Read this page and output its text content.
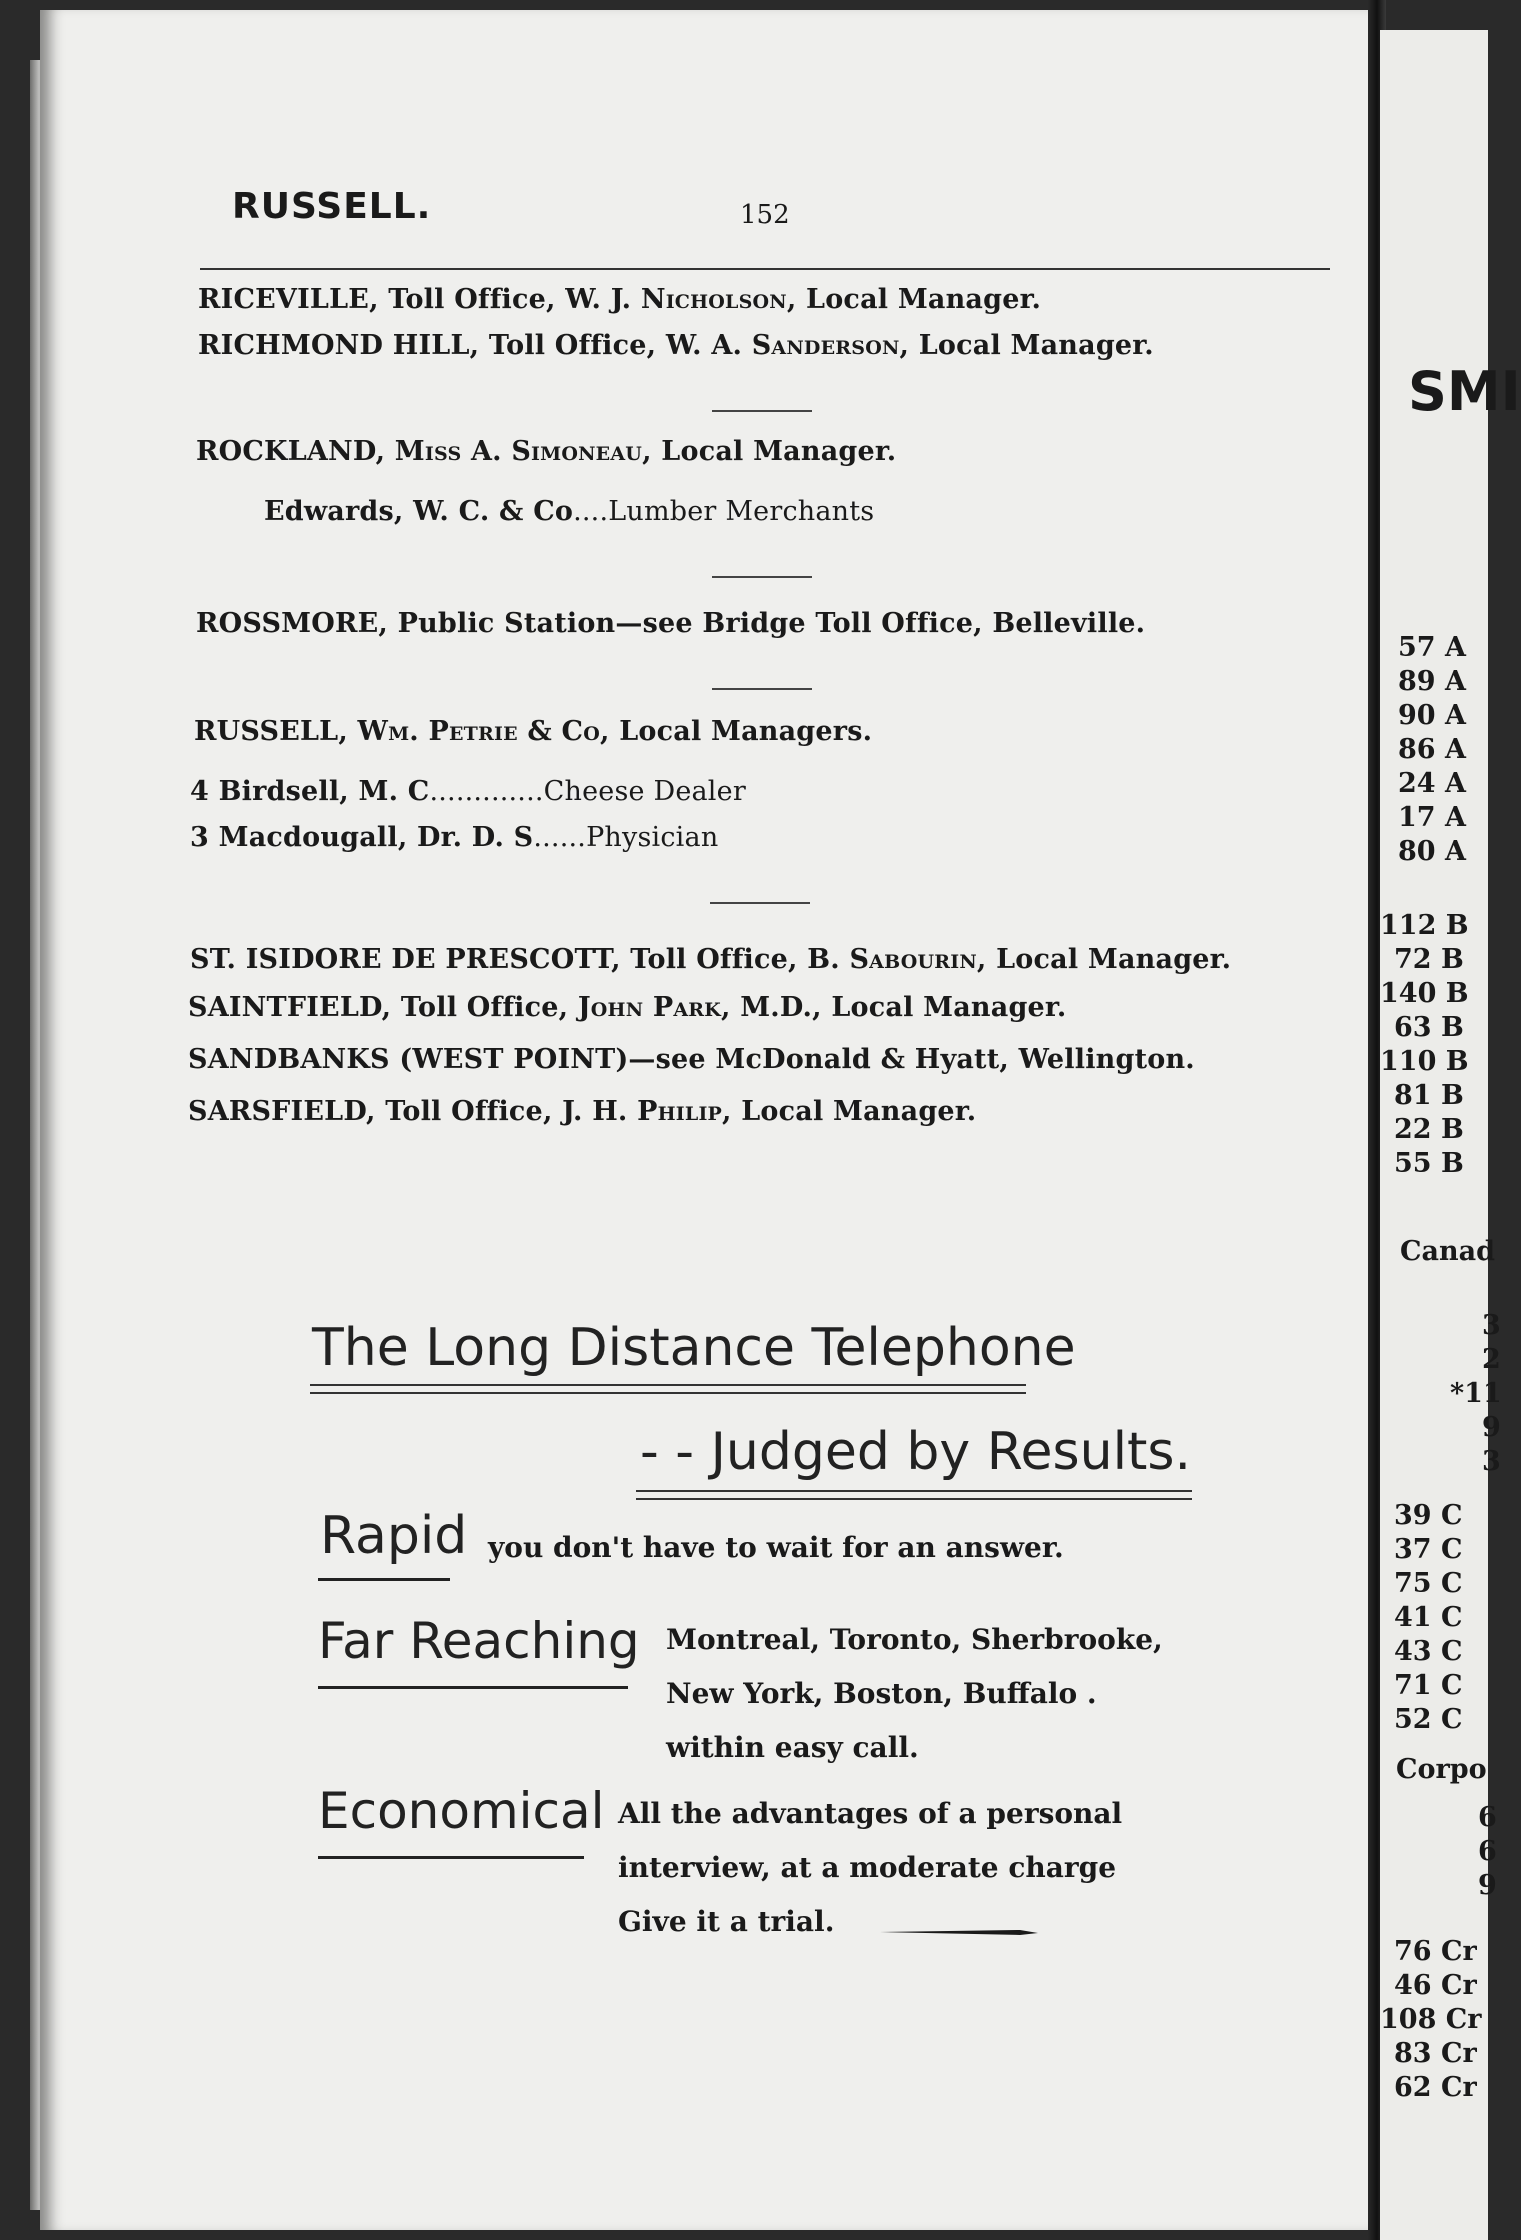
RUSSELL.	152
RICEVILLE, Toll Office, W. J. Nicholson, Local Manager.
RICHMOND HILL, Toll Office, W. A. Sanderson, Local Manager.
ROCKLAND, Miss A. Simoneau, Local Manager.
Edwards, W. C. & Co....Lumber Merchants
ROSSMORE, Public Station—see Bridge Toll Office, Belleville.
RUSSELL, Wm. Petrie & Co, Local Managers.
4 Birdsell, M. C.............Cheese Dealer
3 Macdougall, Dr. D. S......Physician
ST. ISIDORE DE PRESCOTT, Toll Office, B. Sabourin, Local Manager.
SAINTFIELD, Toll Office, John Park, M.D., Local Manager.
SANDBANKS (WEST POINT)—see McDonald & Hyatt, Wellington.
SARSFIELD, Toll Office, J. H. Philip, Local Manager.
The Long Distance Telephone
- - Judged by Results.
Rapid you don't have to wait for an answer.
Far Reaching Montreal, Toronto, Sherbrooke,
New York, Boston, Buffalo .
within easy call.
Economical All the advantages of a personal
interview, at a moderate charge
Give it a trial.
SMI
57 A
89 A
90 A
86 A
24 A
17 A
80 A
112 B
72 B
140 B
63 B
110 B
81 B
22 B
55 B
Canad
3
2
*11
9
3
39 C
37 C
75 C
41 C
43 C
71 C
52 C
Corpo
6
6
9
76 Cr
46 Cr
108 Cr
83 Cr
62 Cr
